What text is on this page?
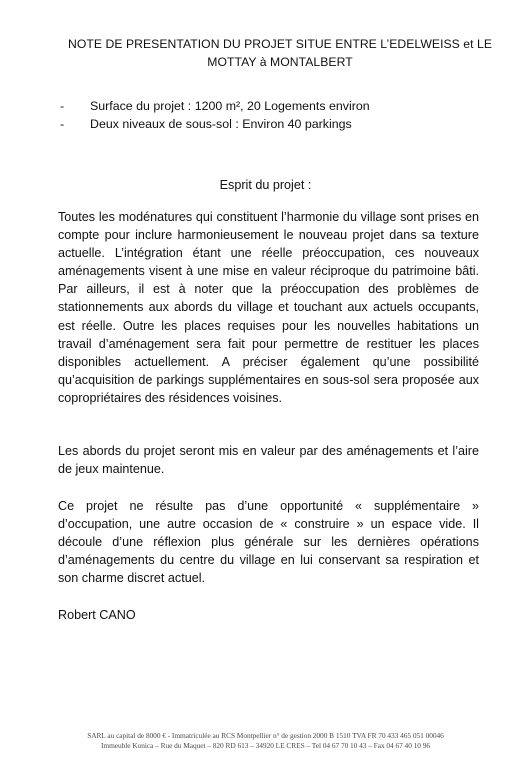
NOTE DE PRESENTATION DU PROJET SITUE ENTRE L’EDELWEISS et LE MOTTAY à MONTALBERT
-	Surface du projet : 1200 m², 20 Logements environ
-	Deux niveaux de sous-sol : Environ 40 parkings
Esprit du projet :

Toutes les modénatures qui constituent l’harmonie du village sont prises en compte pour inclure harmonieusement le nouveau projet dans sa texture actuelle. L’intégration étant une réelle préoccupation, ces nouveaux aménagements visent à une mise en valeur réciproque du patrimoine bâti. Par ailleurs, il est à noter que la préoccupation des problèmes de stationnements aux abords du village et touchant aux actuels occupants, est réelle. Outre les places requises pour les nouvelles habitations un travail d’aménagement sera fait pour permettre de restituer les places disponibles actuellement. A préciser également qu’une possibilité qu’acquisition de parkings supplémentaires en sous-sol sera proposée aux copropriétaires des résidences voisines.

Les abords du projet seront mis en valeur par des aménagements et l’aire de jeux maintenue.

Ce projet ne résulte pas d’une opportunité « supplémentaire » d’occupation, une autre occasion de « construire » un espace vide. Il découle d’une réflexion plus générale sur les dernières opérations d’aménagements du centre du village en lui conservant sa respiration et son charme discret actuel.

Robert CANO
SARL au capital de 8000 € - Immatriculée au RCS Montpellier n° de gestion 2000 B 1510 TVA FR 70 433 465 051 00046
Immeuble Konica – Rue du Maquet – 820 RD 613 – 34920 LE CRES – Tel 04 67 70 10 43 – Fax 04 67 40 10 96
